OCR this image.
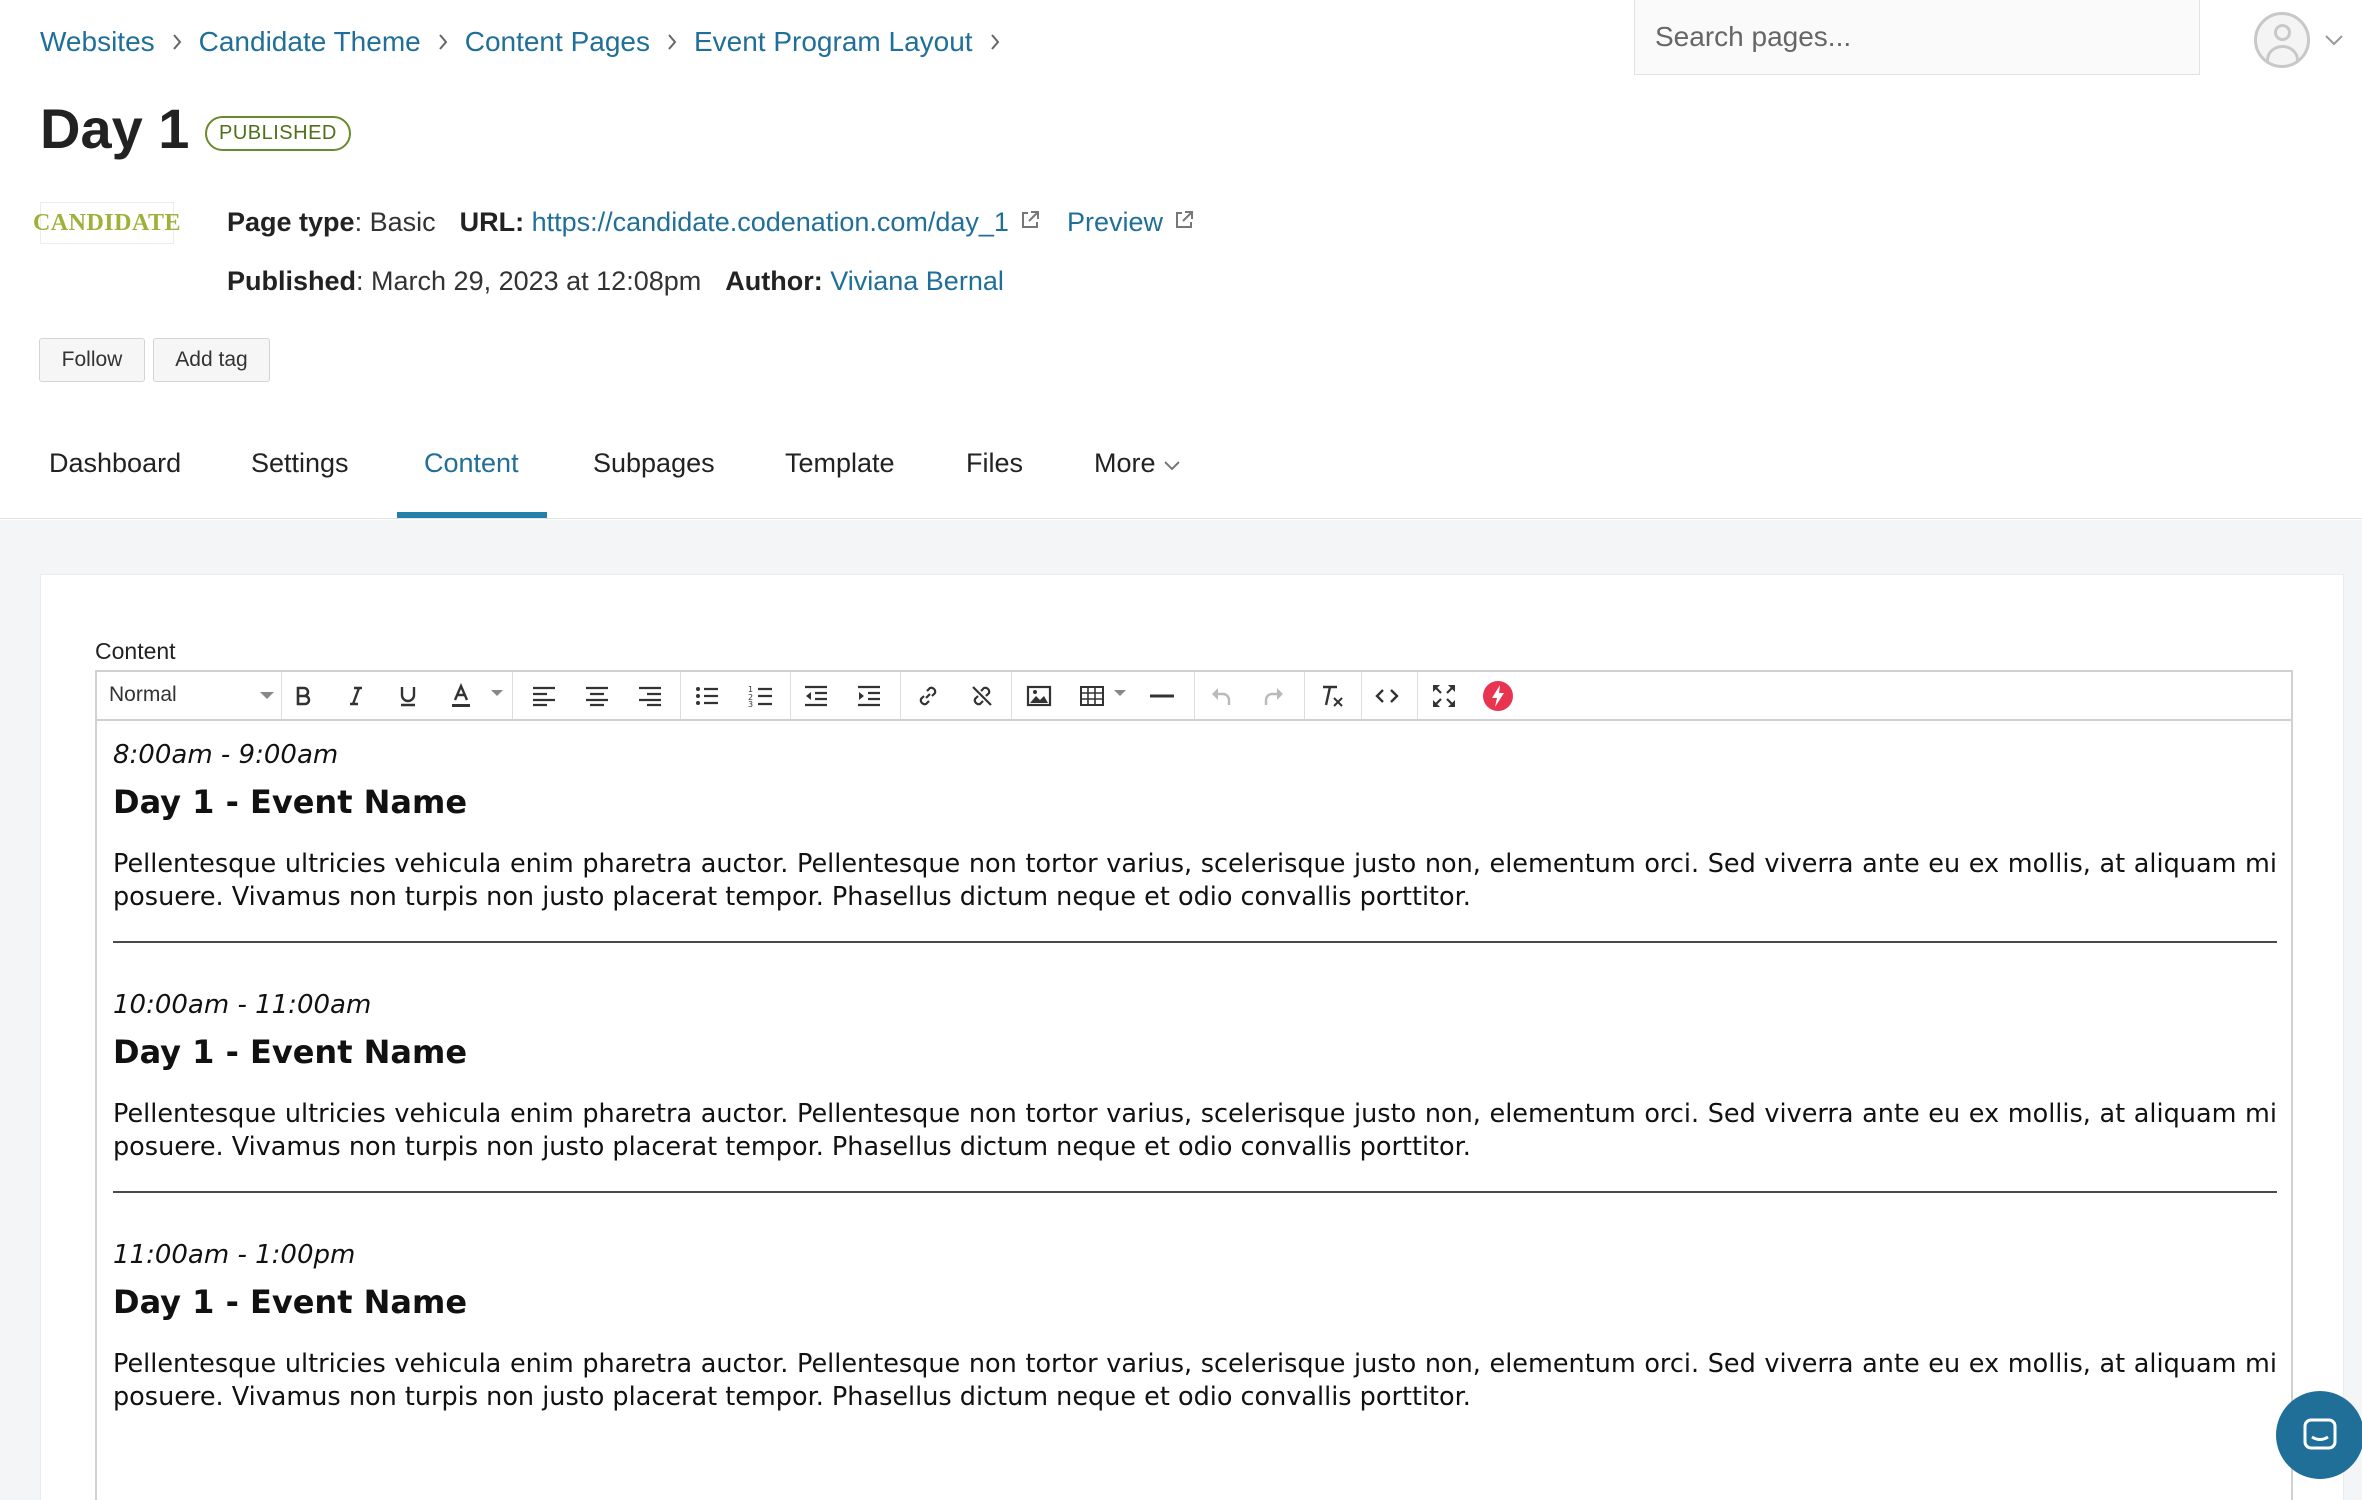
Websites Candidate Theme Content Pages Event Program Layout
Search pages...
Day 1	PUBLISHED
CANDIDATE Page type : Basic URL:
https://candidate.codenation.com/day_1 Preview
Published : March 29, 2023 at 12:08pm Author:
Viviana Bernal
Follow	Add tag
Dashboard	Settings	Content	Subpages	Template	Files	More
Content
Normal	1
2
3
8:00am - 9:00am
Day 1 - Event Name
Pellentesque ultricies vehicula enim pharetra auctor. Pellentesque non tortor varius, scelerisque justo non, elementum orci. Sed viverra ante eu ex mollis, at aliquam mi posuere. Vivamus non turpis non justo placerat tempor. Phasellus dictum neque et odio convallis porttitor.
10:00am - 11:00am
Day 1 - Event Name
Pellentesque ultricies vehicula enim pharetra auctor. Pellentesque non tortor varius, scelerisque justo non, elementum orci. Sed viverra ante eu ex mollis, at aliquam mi posuere. Vivamus non turpis non justo placerat tempor. Phasellus dictum neque et odio convallis porttitor.
11:00am - 1:00pm
Day 1 - Event Name
Pellentesque ultricies vehicula enim pharetra auctor. Pellentesque non tortor varius, scelerisque justo non, elementum orci. Sed viverra ante eu ex mollis, at aliquam mi posuere. Vivamus non turpis non justo placerat tempor. Phasellus dictum neque et odio convallis porttitor.
